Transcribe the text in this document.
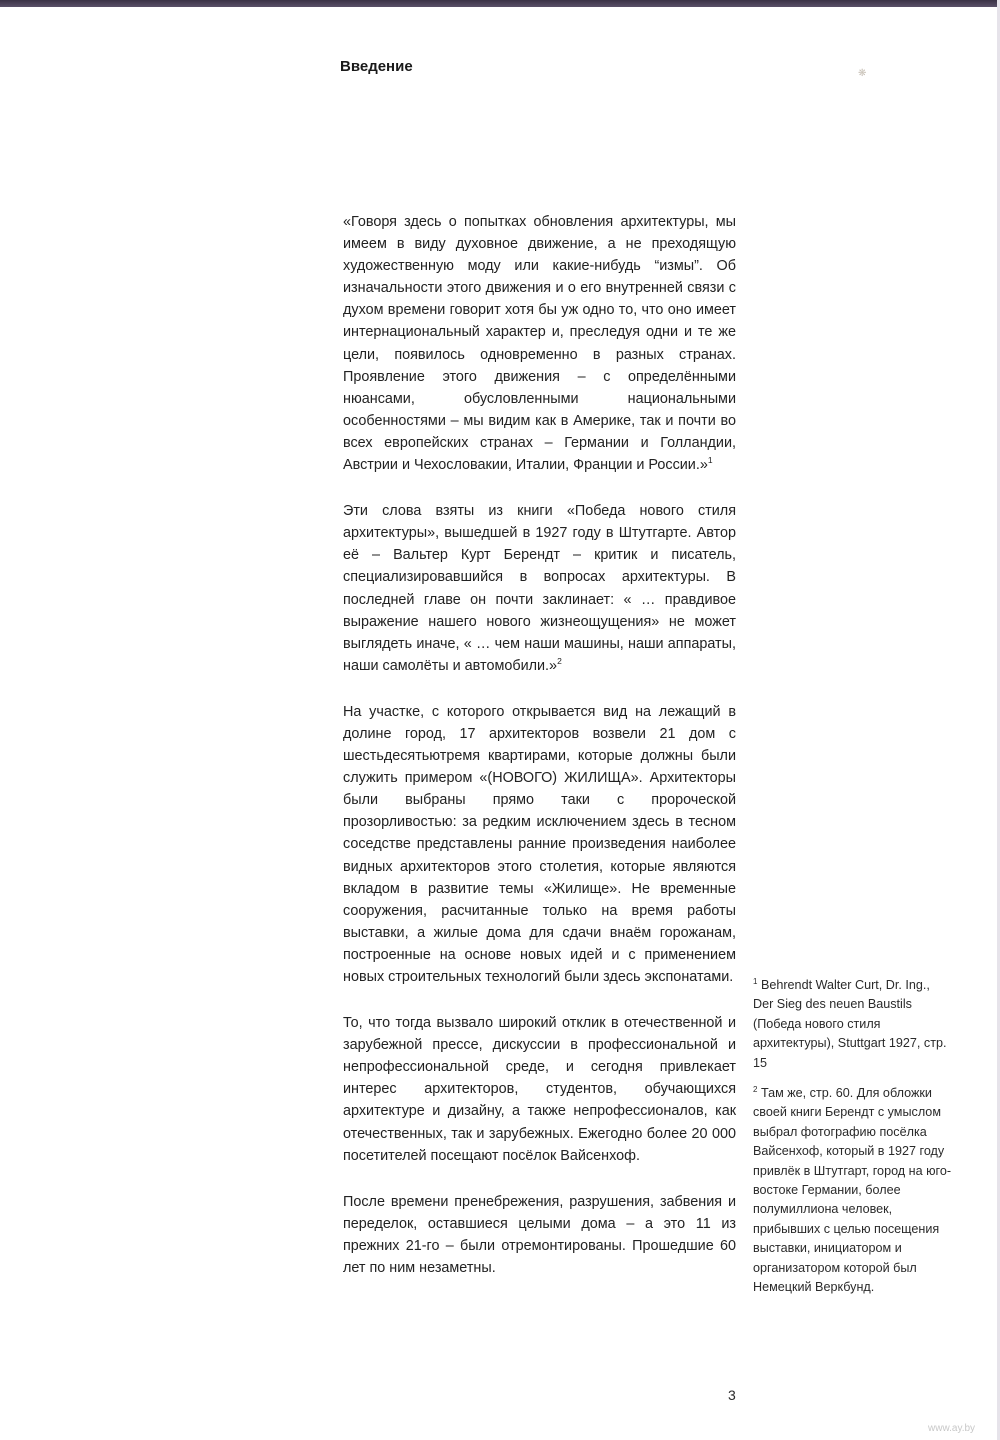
❋
Введение

«Говоря здесь о попытках обновления архитектуры, мы имеем в виду духовное движение, а не преходящую художественную моду или какие-нибудь “измы”. Об изначальности этого движения и о его внутренней связи с духом времени говорит хотя бы уж одно то, что оно имеет интернациональный характер и, преследуя одни и те же цели, появилось одновременно в разных странах. Проявление этого движения – с определёнными нюансами, обусловленными национальными особенностями – мы видим как в Америке, так и почти во всех европейских странах – Германии и Голландии, Австрии и Чехословакии, Италии, Франции и России.»$^1$

Эти слова взяты из книги «Победа нового стиля архитектуры», вышедшей в 1927 году в Штутгарте. Автор её – Вальтер Курт Берендт – критик и писатель, специализировавшийся в вопросах архитектуры. В последней главе он почти заклинает: « … правдивое выражение нашего нового жизнеощущения» не может выглядеть иначе, « … чем наши машины, наши аппараты, наши самолёты и автомобили.»$^2$

На участке, с которого открывается вид на лежащий в долине город, 17 архитекторов возвели 21 дом с шестьдесятьютремя квартирами, которые должны были служить примером «(НОВОГО) ЖИЛИЩА». Архитекторы были выбраны прямо таки с пророческой прозорливостью: за редким исключением здесь в тесном соседстве представлены ранние произведения наиболее видных архитекторов этого столетия, которые являются вкладом в развитие темы «Жилище». Не временные сооружения, расчитанные только на время работы выставки, а жилые дома для сдачи внаём горожанам, построенные на основе новых идей и с применением новых строительных технологий были здесь экспонатами.

То, что тогда вызвало широкий отклик в отечественной и зарубежной прессе, дискуссии в профессиональной и непрофессиональной среде, и сегодня привлекает интерес архитекторов, студентов, обучающихся архитектуре и дизайну, а также непрофессионалов, как отечественных, так и зарубежных. Ежегодно более 20 000 посетителей посещают посёлок Вайсенхоф.

После времени пренебрежения, разрушения, забвения и переделок, оставшиеся целыми дома – а это 11 из прежних 21-го – были отремонтированы. Прошедшие 60 лет по ним незаметны.

$^1$ Behrendt Walter Curt, Dr. Ing., Der Sieg des neuen Baustils (Победа нового стиля архитектуры), Stuttgart 1927, стр. 15

$^2$ Там же, стр. 60. Для обложки своей книги Берендт с умыслом выбрал фотографию посёлка Вайсенхоф, который в 1927 году привлёк в Штутгарт, город на юго-востоке Германии, более полумиллиона человек, прибывших с целью посещения выставки, инициатором и организатором которой был Немецкий Веркбунд.

3
www.ay.by
